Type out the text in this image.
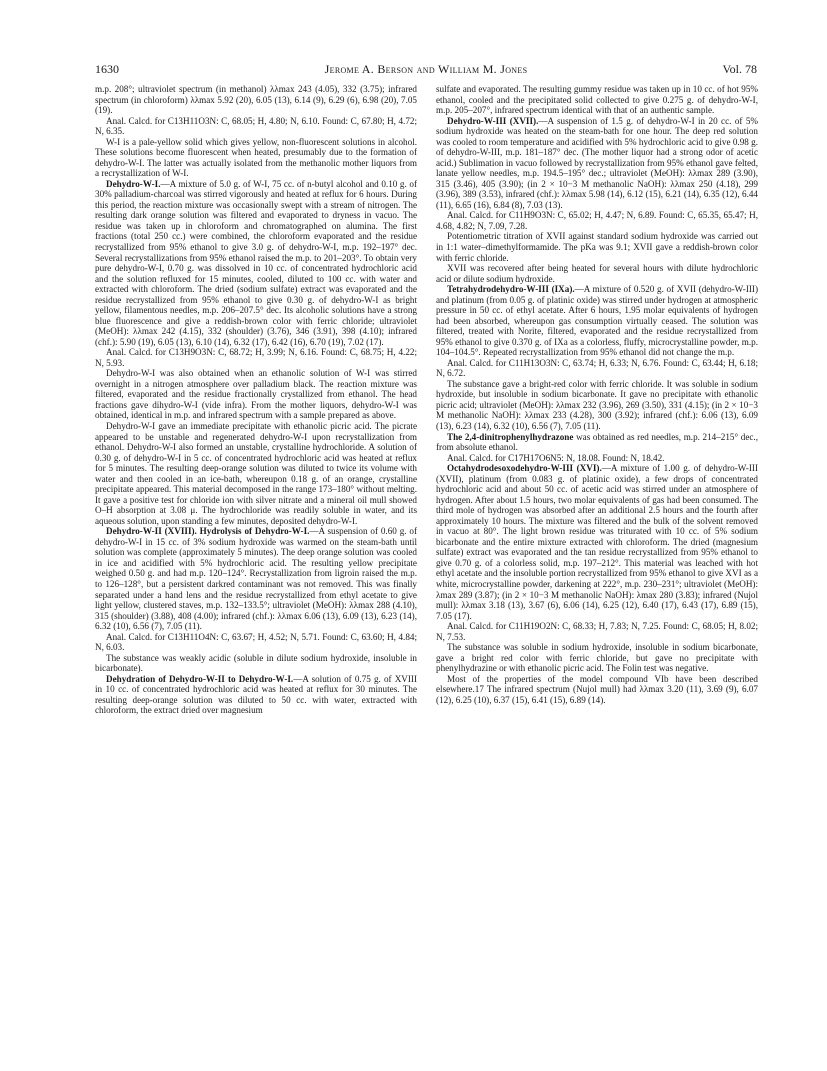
1630	Jerome A. Berson and William M. Jones	Vol. 78

m.p. 208°; ultraviolet spectrum (in methanol) λλmax 243 (4.05), 332 (3.75); infrared spectrum (in chloroform) λλmax 5.92 (20), 6.05 (13), 6.14 (9), 6.29 (6), 6.98 (20), 7.05 (19).

Anal. Calcd. for C13H11O3N: C, 68.05; H, 4.80; N, 6.10. Found: C, 67.80; H, 4.72; N, 6.35.

W-I is a pale-yellow solid which gives yellow, non-fluorescent solutions in alcohol. These solutions become fluorescent when heated, presumably due to the formation of dehydro-W-I. The latter was actually isolated from the methanolic mother liquors from a recrystallization of W-I.

Dehydro-W-I.—A mixture of 5.0 g. of W-I, 75 cc. of n-butyl alcohol and 0.10 g. of 30% palladium-charcoal was stirred vigorously and heated at reflux for 6 hours. During this period, the reaction mixture was occasionally swept with a stream of nitrogen. The resulting dark orange solution was filtered and evaporated to dryness in vacuo. The residue was taken up in chloroform and chromatographed on alumina. The first fractions (total 250 cc.) were combined, the chloroform evaporated and the residue recrystallized from 95% ethanol to give 3.0 g. of dehydro-W-I, m.p. 192–197° dec. Several recrystallizations from 95% ethanol raised the m.p. to 201–203°. To obtain very pure dehydro-W-I, 0.70 g. was dissolved in 10 cc. of concentrated hydrochloric acid and the solution refluxed for 15 minutes, cooled, diluted to 100 cc. with water and extracted with chloroform. The dried (sodium sulfate) extract was evaporated and the residue recrystallized from 95% ethanol to give 0.30 g. of dehydro-W-I as bright yellow, filamentous needles, m.p. 206–207.5° dec. Its alcoholic solutions have a strong blue fluorescence and give a reddish-brown color with ferric chloride; ultraviolet (MeOH): λλmax 242 (4.15), 332 (shoulder) (3.76), 346 (3.91), 398 (4.10); infrared (chf.): 5.90 (19), 6.05 (13), 6.10 (14), 6.32 (17), 6.42 (16), 6.70 (19), 7.02 (17).

Anal. Calcd. for C13H9O3N: C, 68.72; H, 3.99; N, 6.16. Found: C, 68.75; H, 4.22; N, 5.93.

Dehydro-W-I was also obtained when an ethanolic solution of W-I was stirred overnight in a nitrogen atmosphere over palladium black. The reaction mixture was filtered, evaporated and the residue fractionally crystallized from ethanol. The head fractions gave dihydro-W-I (vide infra). From the mother liquors, dehydro-W-I was obtained, identical in m.p. and infrared spectrum with a sample prepared as above.

Dehydro-W-I gave an immediate precipitate with ethanolic picric acid. The picrate appeared to be unstable and regenerated dehydro-W-I upon recrystallization from ethanol. Dehydro-W-I also formed an unstable, crystalline hydrochloride. A solution of 0.30 g. of dehydro-W-I in 5 cc. of concentrated hydrochloric acid was heated at reflux for 5 minutes. The resulting deep-orange solution was diluted to twice its volume with water and then cooled in an ice-bath, whereupon 0.18 g. of an orange, crystalline precipitate appeared. This material decomposed in the range 173–180° without melting. It gave a positive test for chloride ion with silver nitrate and a mineral oil mull showed O–H absorption at 3.08 μ. The hydrochloride was readily soluble in water, and its aqueous solution, upon standing a few minutes, deposited dehydro-W-I.

Dehydro-W-II (XVIII). Hydrolysis of Dehydro-W-I.—A suspension of 0.60 g. of dehydro-W-I in 15 cc. of 3% sodium hydroxide was warmed on the steam-bath until solution was complete (approximately 5 minutes). The deep orange solution was cooled in ice and acidified with 5% hydrochloric acid. The resulting yellow precipitate weighed 0.50 g. and had m.p. 120–124°. Recrystallization from ligroin raised the m.p. to 126–128°, but a persistent darkred contaminant was not removed. This was finally separated under a hand lens and the residue recrystallized from ethyl acetate to give light yellow, clustered staves, m.p. 132–133.5°; ultraviolet (MeOH): λλmax 288 (4.10), 315 (shoulder) (3.88), 408 (4.00); infrared (chf.): λλmax 6.06 (13), 6.09 (13), 6.23 (14), 6.32 (10), 6.56 (7), 7.05 (11).

Anal. Calcd. for C13H11O4N: C, 63.67; H, 4.52; N, 5.71. Found: C, 63.60; H, 4.84; N, 6.03.

The substance was weakly acidic (soluble in dilute sodium hydroxide, insoluble in bicarbonate).

Dehydration of Dehydro-W-II to Dehydro-W-I.—A solution of 0.75 g. of XVIII in 10 cc. of concentrated hydrochloric acid was heated at reflux for 30 minutes. The resulting deep-orange solution was diluted to 50 cc. with water, extracted with chloroform, the extract dried over magnesium

sulfate and evaporated. The resulting gummy residue was taken up in 10 cc. of hot 95% ethanol, cooled and the precipitated solid collected to give 0.275 g. of dehydro-W-I, m.p. 205–207°, infrared spectrum identical with that of an authentic sample.

Dehydro-W-III (XVII).—A suspension of 1.5 g. of dehydro-W-I in 20 cc. of 5% sodium hydroxide was heated on the steam-bath for one hour. The deep red solution was cooled to room temperature and acidified with 5% hydrochloric acid to give 0.98 g. of dehydro-W-III, m.p. 181–187° dec. (The mother liquor had a strong odor of acetic acid.) Sublimation in vacuo followed by recrystallization from 95% ethanol gave felted, lanate yellow needles, m.p. 194.5–195° dec.; ultraviolet (MeOH): λλmax 289 (3.90), 315 (3.46), 405 (3.90); (in 2 × 10−3 M methanolic NaOH): λλmax 250 (4.18), 299 (3.96), 389 (3.53), infrared (chf.): λλmax 5.98 (14), 6.12 (15), 6.21 (14), 6.35 (12), 6.44 (11), 6.65 (16), 6.84 (8), 7.03 (13).

Anal. Calcd. for C11H9O3N: C, 65.02; H, 4.47; N, 6.89. Found: C, 65.35, 65.47; H, 4.68, 4.82; N, 7.09, 7.28.

Potentiometric titration of XVII against standard sodium hydroxide was carried out in 1:1 water–dimethylformamide. The pKa was 9.1; XVII gave a reddish-brown color with ferric chloride.

XVII was recovered after being heated for several hours with dilute hydrochloric acid or dilute sodium hydroxide.

Tetrahydrodehydro-W-III (IXa).—A mixture of 0.520 g. of XVII (dehydro-W-III) and platinum (from 0.05 g. of platinic oxide) was stirred under hydrogen at atmospheric pressure in 50 cc. of ethyl acetate. After 6 hours, 1.95 molar equivalents of hydrogen had been absorbed, whereupon gas consumption virtually ceased. The solution was filtered, treated with Norite, filtered, evaporated and the residue recrystallized from 95% ethanol to give 0.370 g. of IXa as a colorless, fluffy, microcrystalline powder, m.p. 104–104.5°. Repeated recrystallization from 95% ethanol did not change the m.p.

Anal. Calcd. for C11H13O3N: C, 63.74; H, 6.33; N, 6.76. Found: C, 63.44; H, 6.18; N, 6.72.

The substance gave a bright-red color with ferric chloride. It was soluble in sodium hydroxide, but insoluble in sodium bicarbonate. It gave no precipitate with ethanolic picric acid; ultraviolet (MeOH): λλmax 232 (3.96), 269 (3.50), 331 (4.15); (in 2 × 10−3 M methanolic NaOH): λλmax 233 (4.28), 300 (3.92); infrared (chf.): 6.06 (13), 6.09 (13), 6.23 (14), 6.32 (10), 6.56 (7), 7.05 (11).

The 2,4-dinitrophenylhydrazone was obtained as red needles, m.p. 214–215° dec., from absolute ethanol.

Anal. Calcd. for C17H17O6N5: N, 18.08. Found: N, 18.42.

Octahydrodesoxodehydro-W-III (XVI).—A mixture of 1.00 g. of dehydro-W-III (XVII), platinum (from 0.083 g. of platinic oxide), a few drops of concentrated hydrochloric acid and about 50 cc. of acetic acid was stirred under an atmosphere of hydrogen. After about 1.5 hours, two molar equivalents of gas had been consumed. The third mole of hydrogen was absorbed after an additional 2.5 hours and the fourth after approximately 10 hours. The mixture was filtered and the bulk of the solvent removed in vacuo at 80°. The light brown residue was triturated with 10 cc. of 5% sodium bicarbonate and the entire mixture extracted with chloroform. The dried (magnesium sulfate) extract was evaporated and the tan residue recrystallized from 95% ethanol to give 0.70 g. of a colorless solid, m.p. 197–212°. This material was leached with hot ethyl acetate and the insoluble portion recrystallized from 95% ethanol to give XVI as a white, microcrystalline powder, darkening at 222°, m.p. 230–231°; ultraviolet (MeOH): λmax 289 (3.87); (in 2 × 10−3 M methanolic NaOH): λmax 280 (3.83); infrared (Nujol mull): λλmax 3.18 (13), 3.67 (6), 6.06 (14), 6.25 (12), 6.40 (17), 6.43 (17), 6.89 (15), 7.05 (17).

Anal. Calcd. for C11H19O2N: C, 68.33; H, 7.83; N, 7.25. Found: C, 68.05; H, 8.02; N, 7.53.

The substance was soluble in sodium hydroxide, insoluble in sodium bicarbonate, gave a bright red color with ferric chloride, but gave no precipitate with phenylhydrazine or with ethanolic picric acid. The Folin test was negative.

Most of the properties of the model compound VIb have been described elsewhere.17 The infrared spectrum (Nujol mull) had λλmax 3.20 (11), 3.69 (9), 6.07 (12), 6.25 (10), 6.37 (15), 6.41 (15), 6.89 (14).
